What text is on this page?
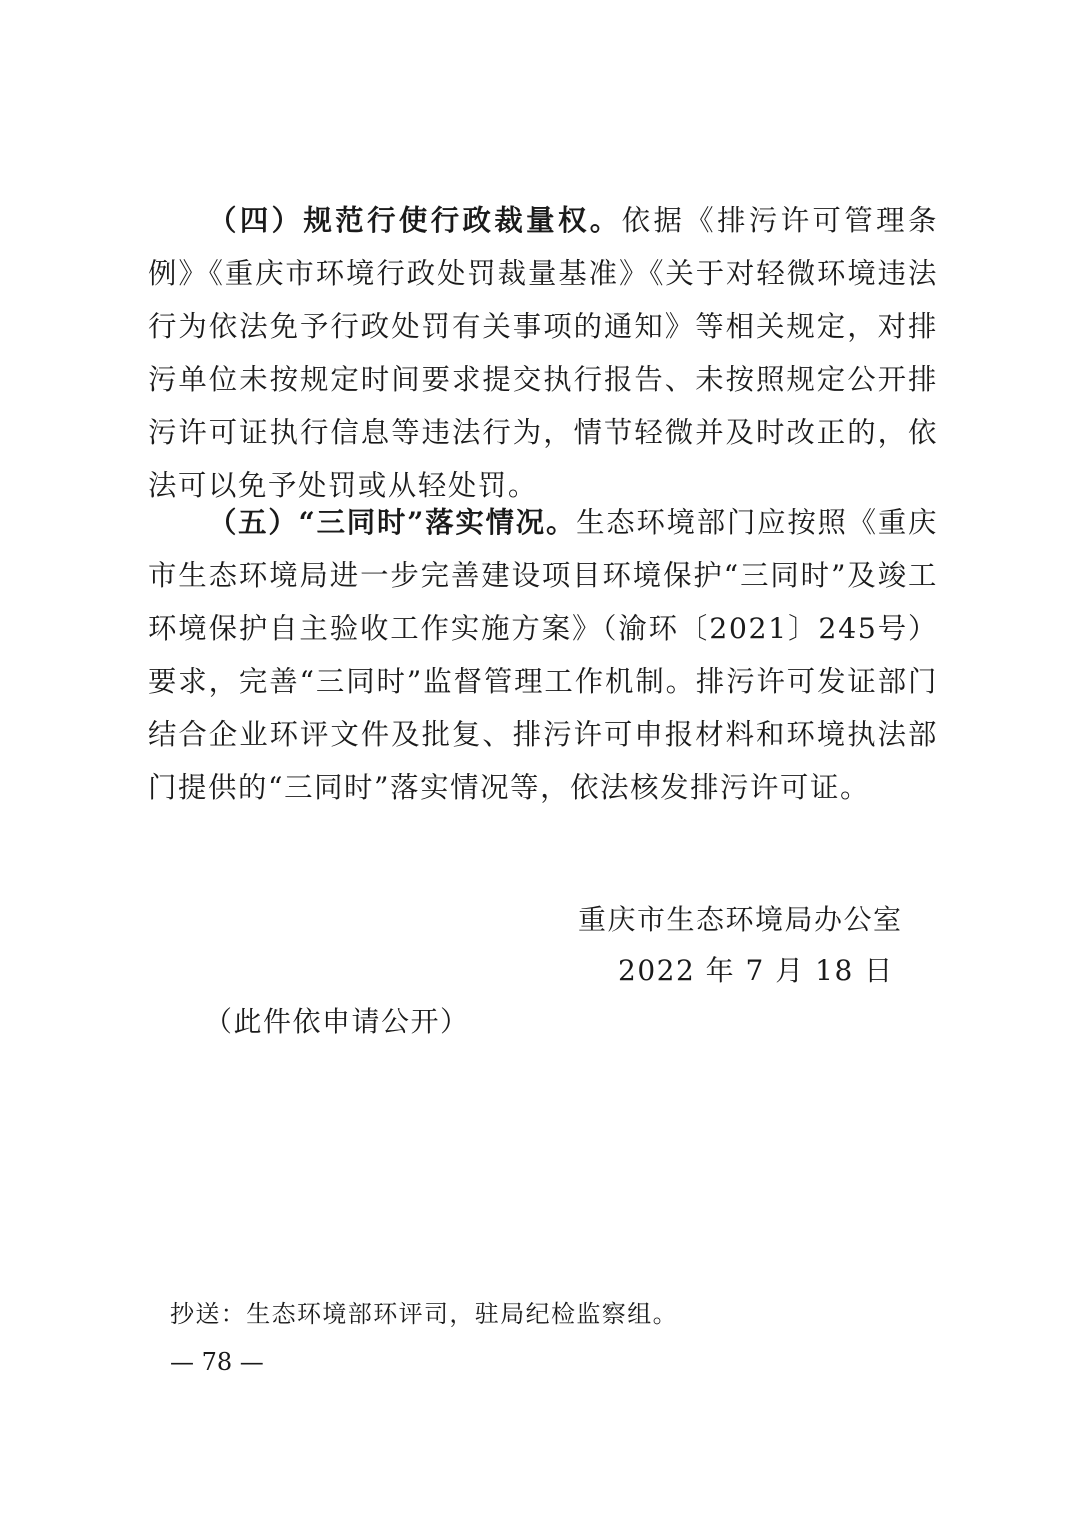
（四）规范行使行政裁量权。依据《排污许可管理条例》《重庆市环境行政处罚裁量基准》《关于对轻微环境违法行为依法免予行政处罚有关事项的通知》等相关规定，对排污单位未按规定时间要求提交执行报告、未按照规定公开排污许可证执行信息等违法行为，情节轻微并及时改正的，依法可以免予处罚或从轻处罚。

（五）“三同时”落实情况。生态环境部门应按照《重庆市生态环境局进一步完善建设项目环境保护“三同时”及竣工环境保护自主验收工作实施方案》（渝环〔2021〕245号）要求，完善“三同时”监督管理工作机制。排污许可发证部门结合企业环评文件及批复、排污许可申报材料和环境执法部门提供的“三同时”落实情况等，依法核发排污许可证。

重庆市生态环境局办公室
2022 年 7 月 18 日
（此件依申请公开）
抄送：生态环境部环评司，驻局纪检监察组。
— 78 —
